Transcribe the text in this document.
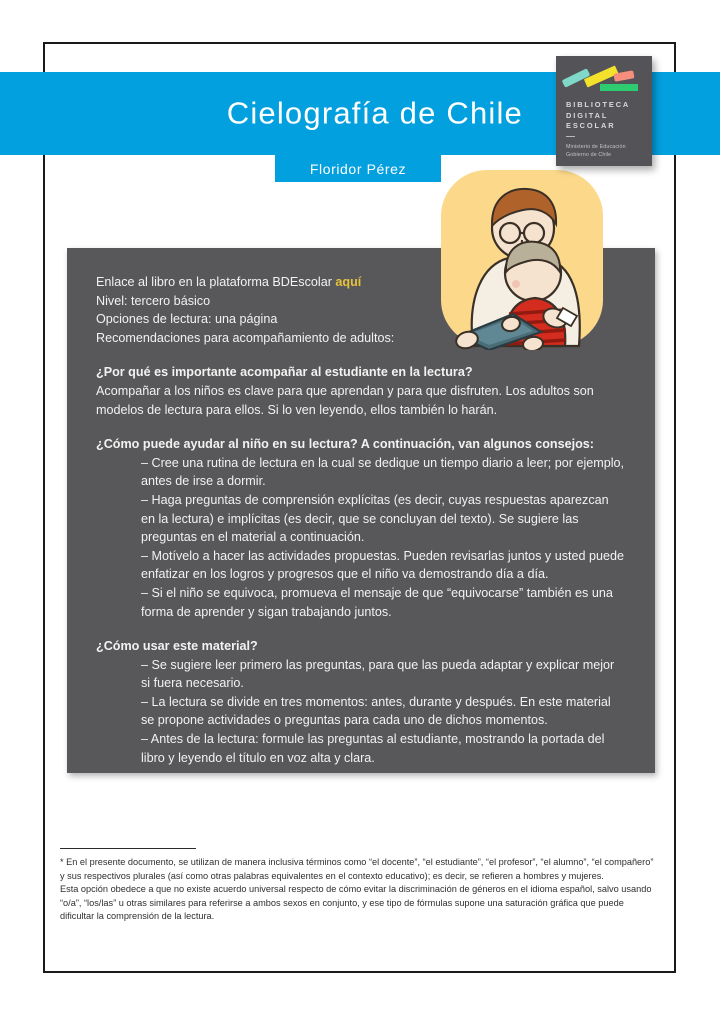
Cielografía de Chile
Floridor Pérez
BIBLIOTECA
DIGITAL
ESCOLAR
Ministerio de Educación
Gobierno de Chile
Enlace al libro en la plataforma BDEscolar aquí
Nivel: tercero básico
Opciones de lectura: una página
Recomendaciones para acompañamiento de adultos:
¿Por qué es importante acompañar al estudiante en la lectura?
Acompañar a los niños es clave para que aprendan y para que disfruten. Los adultos son modelos de lectura para ellos. Si lo ven leyendo, ellos también lo harán.
¿Cómo puede ayudar al niño en su lectura? A continuación, van algunos consejos:
– Cree una rutina de lectura en la cual se dedique un tiempo diario a leer; por ejemplo, antes de irse a dormir.
– Haga preguntas de comprensión explícitas (es decir, cuyas respuestas aparezcan en la lectura) e implícitas (es decir, que se concluyan del texto). Se sugiere las preguntas en el material a continuación.
– Motívelo a hacer las actividades propuestas. Pueden revisarlas juntos y usted puede enfatizar en los logros y progresos que el niño va demostrando día a día.
– Si el niño se equivoca, promueva el mensaje de que “equivocarse” también es una forma de aprender y sigan trabajando juntos.
¿Cómo usar este material?
– Se sugiere leer primero las preguntas, para que las pueda adaptar y explicar mejor si fuera necesario.
– La lectura se divide en tres momentos: antes, durante y después. En este material se propone actividades o preguntas para cada uno de dichos momentos.
– Antes de la lectura: formule las preguntas al estudiante, mostrando la portada del libro y leyendo el título en voz alta y clara.

* En el presente documento, se utilizan de manera inclusiva términos como “el docente”, “el estudiante”, “el profesor”, “el alumno”, “el compañero” y sus respectivos plurales (así como otras palabras equivalentes en el contexto educativo); es decir, se refieren a hombres y mujeres.

Esta opción obedece a que no existe acuerdo universal respecto de cómo evitar la discriminación de géneros en el idioma español, salvo usando “o/a”, “los/las” u otras similares para referirse a ambos sexos en conjunto, y ese tipo de fórmulas supone una saturación gráfica que puede dificultar la comprensión de la lectura.
